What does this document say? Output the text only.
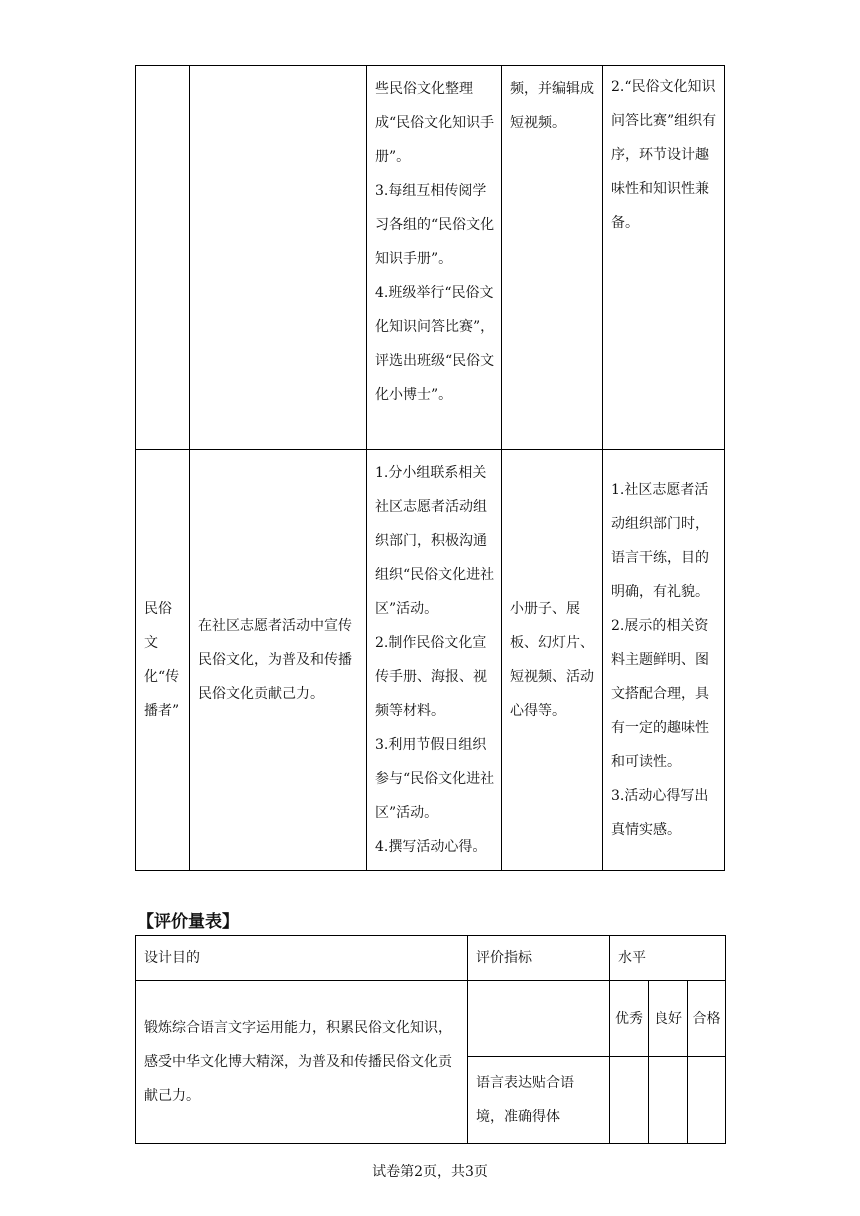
		些民俗文化整理成“民俗文化知识手册”。
3.每组互相传阅学习各组的“民俗文化知识手册”。
4.班级举行“民俗文化知识问答比赛”，评选出班级“民俗文化小博士”。	频，并编辑成短视频。	2.“民俗文化知识问答比赛”组织有序，环节设计趣味性和知识性兼备。
民俗文化“传播者”	在社区志愿者活动中宣传民俗文化，为普及和传播民俗文化贡献己力。	1.分小组联系相关社区志愿者活动组织部门，积极沟通组织“民俗文化进社区”活动。
2.制作民俗文化宣传手册、海报、视频等材料。
3.利用节假日组织参与“民俗文化进社区”活动。
4.撰写活动心得。	小册子、展板、幻灯片、短视频、活动心得等。	1.社区志愿者活动组织部门时，语言干练，目的明确，有礼貌。
2.展示的相关资料主题鲜明、图文搭配合理，具有一定的趣味性和可读性。
3.活动心得写出真情实感。
【评价量表】
设计目的	评价指标	水平		
锻炼综合语言文字运用能力，积累民俗文化知识，感受中华文化博大精深，为普及和传播民俗文化贡献己力。		优秀	良好	合格
	语言表达贴合语境，准确得体			
试卷第2页，共3页
